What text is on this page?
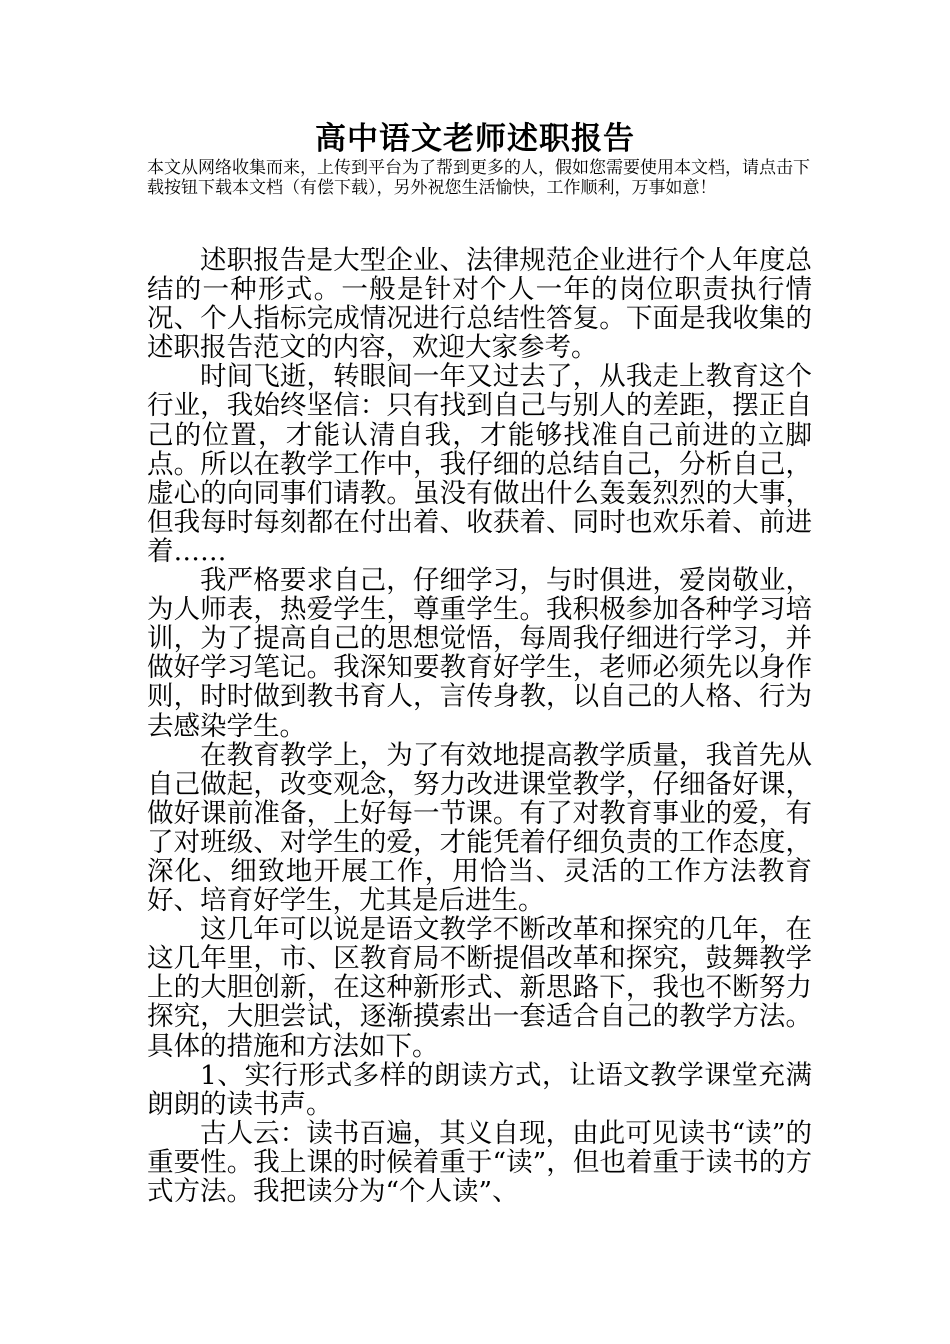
高中语文老师述职报告
本文从网络收集而来，上传到平台为了帮到更多的人，假如您需要使用本文档，请点击下载按钮下载本文档（有偿下载），另外祝您生活愉快，工作顺利，万事如意！

述职报告是大型企业、法律规范企业进行个人年度总结的一种形式。一般是针对个人一年的岗位职责执行情况、个人指标完成情况进行总结性答复。下面是我收集的述职报告范文的内容，欢迎大家参考。

时间飞逝，转眼间一年又过去了，从我走上教育这个行业，我始终坚信：只有找到自己与别人的差距，摆正自己的位置，才能认清自我，才能够找准自己前进的立脚点。所以在教学工作中，我仔细的总结自己，分析自己，虚心的向同事们请教。虽没有做出什么轰轰烈烈的大事，但我每时每刻都在付出着、收获着、同时也欢乐着、前进着……

我严格要求自己，仔细学习，与时俱进，爱岗敬业，为人师表，热爱学生，尊重学生。我积极参加各种学习培训，为了提高自己的思想觉悟，每周我仔细进行学习，并做好学习笔记。我深知要教育好学生，老师必须先以身作则，时时做到教书育人，言传身教，以自己的人格、行为去感染学生。

在教育教学上，为了有效地提高教学质量，我首先从自己做起，改变观念，努力改进课堂教学，仔细备好课，做好课前准备，上好每一节课。有了对教育事业的爱，有了对班级、对学生的爱，才能凭着仔细负责的工作态度，深化、细致地开展工作，用恰当、灵活的工作方法教育好、培育好学生，尤其是后进生。

这几年可以说是语文教学不断改革和探究的几年，在这几年里，市、区教育局不断提倡改革和探究，鼓舞教学上的大胆创新，在这种新形式、新思路下，我也不断努力探究，大胆尝试，逐渐摸索出一套适合自己的教学方法。具体的措施和方法如下。

1、实行形式多样的朗读方式，让语文教学课堂充满朗朗的读书声。

古人云：读书百遍，其义自现，由此可见读书“读”的重要性。我上课的时候着重于“读”，但也着重于读书的方式方法。我把读分为“个人读”、
